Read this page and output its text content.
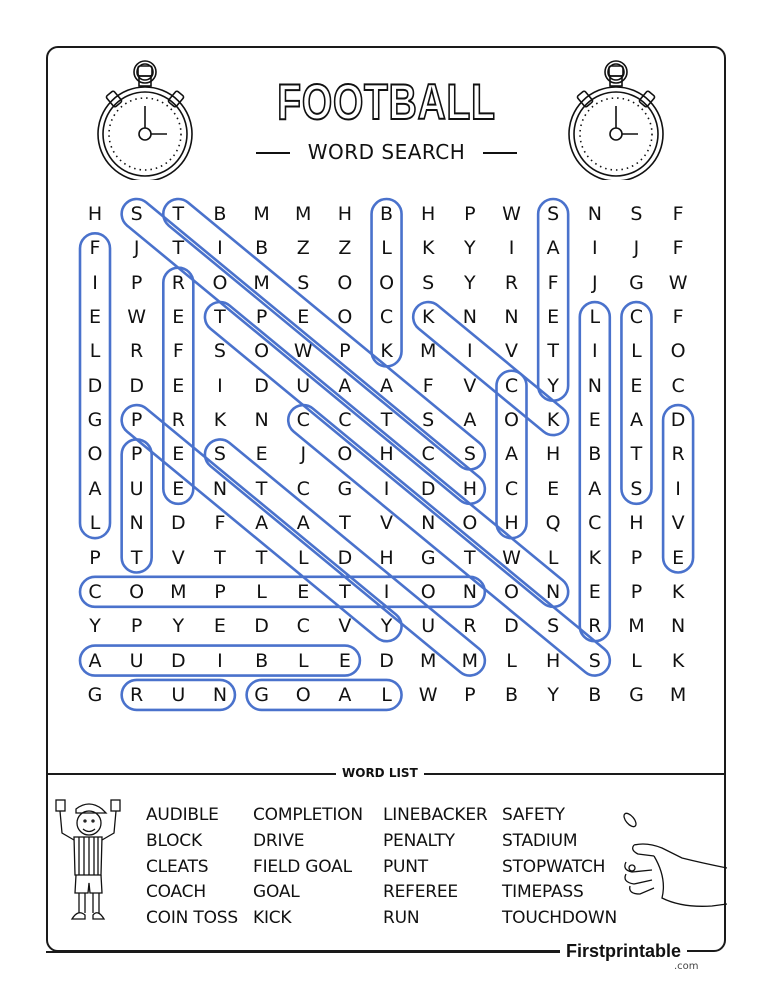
FOOTBALL
WORD SEARCH
H	S	T	B	M	M	H	B	H	P	W	S	N	S	F
F	J	T	I	B	Z	Z	L	K	Y	I	A	I	J	F
I	P	R	O	M	S	O	O	S	Y	R	F	J	G	W
E	W	E	T	P	E	O	C	K	N	N	E	L	C	F
L	R	F	S	O	W	P	K	M	I	V	T	I	L	O
D	D	E	I	D	U	A	A	F	V	C	Y	N	E	C
G	P	R	K	N	C	C	T	S	A	O	K	E	A	D
O	P	E	S	E	J	O	H	C	S	A	H	B	T	R
A	U	E	N	T	C	G	I	D	H	C	E	A	S	I
L	N	D	F	A	A	T	V	N	O	H	Q	C	H	V
P	T	V	T	T	L	D	H	G	T	W	L	K	P	E
C	O	M	P	L	E	T	I	O	N	O	N	E	P	K
Y	P	Y	E	D	C	V	Y	U	R	D	S	R	M	N
A	U	D	I	B	L	E	D	M	M	L	H	S	L	K
G	R	U	N	G	O	A	L	W	P	B	Y	B	G	M
WORD LIST
AUDIBLE
BLOCK
CLEATS
COACH
COIN TOSS
COMPLETION
DRIVE
FIELD GOAL
GOAL
KICK
LINEBACKER
PENALTY
PUNT
REFEREE
RUN
SAFETY
STADIUM
STOPWATCH
TIMEPASS
TOUCHDOWN
Firstprintable
.com
